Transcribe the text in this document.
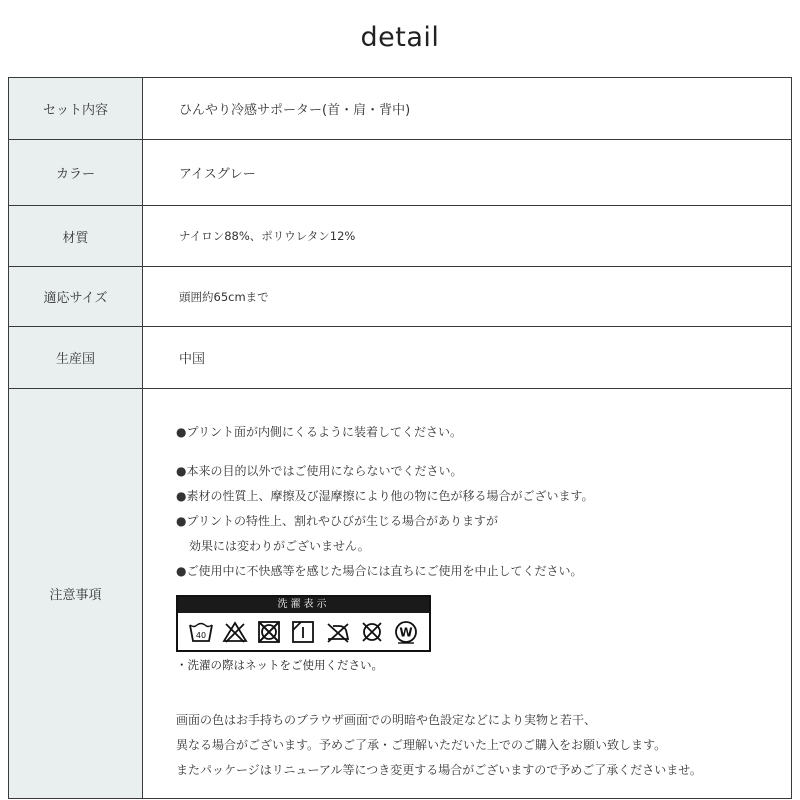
detail
セット内容	ひんやり冷感サポーター(首・肩・背中)
カラー	アイスグレー
材質	ナイロン88%、ポリウレタン12%
適応サイズ	頭囲約65cmまで
生産国	中国
注意事項
●プリント面が内側にくるように装着してください。
●本来の目的以外ではご使用にならないでください。
●素材の性質上、摩擦及び湿摩擦により他の物に色が移る場合がございます。
●プリントの特性上、割れやひびが生じる場合がありますが
効果には変わりがございません。
●ご使用中に不快感等を感じた場合には直ちにご使用を中止してください。
洗濯表示
40	W
・洗濯の際はネットをご使用ください。
画面の色はお手持ちのブラウザ画面での明暗や色設定などにより実物と若干、
異なる場合がございます。予めご了承・ご理解いただいた上でのご購入をお願い致します。
またパッケージはリニューアル等につき変更する場合がございますので予めご了承くださいませ。
